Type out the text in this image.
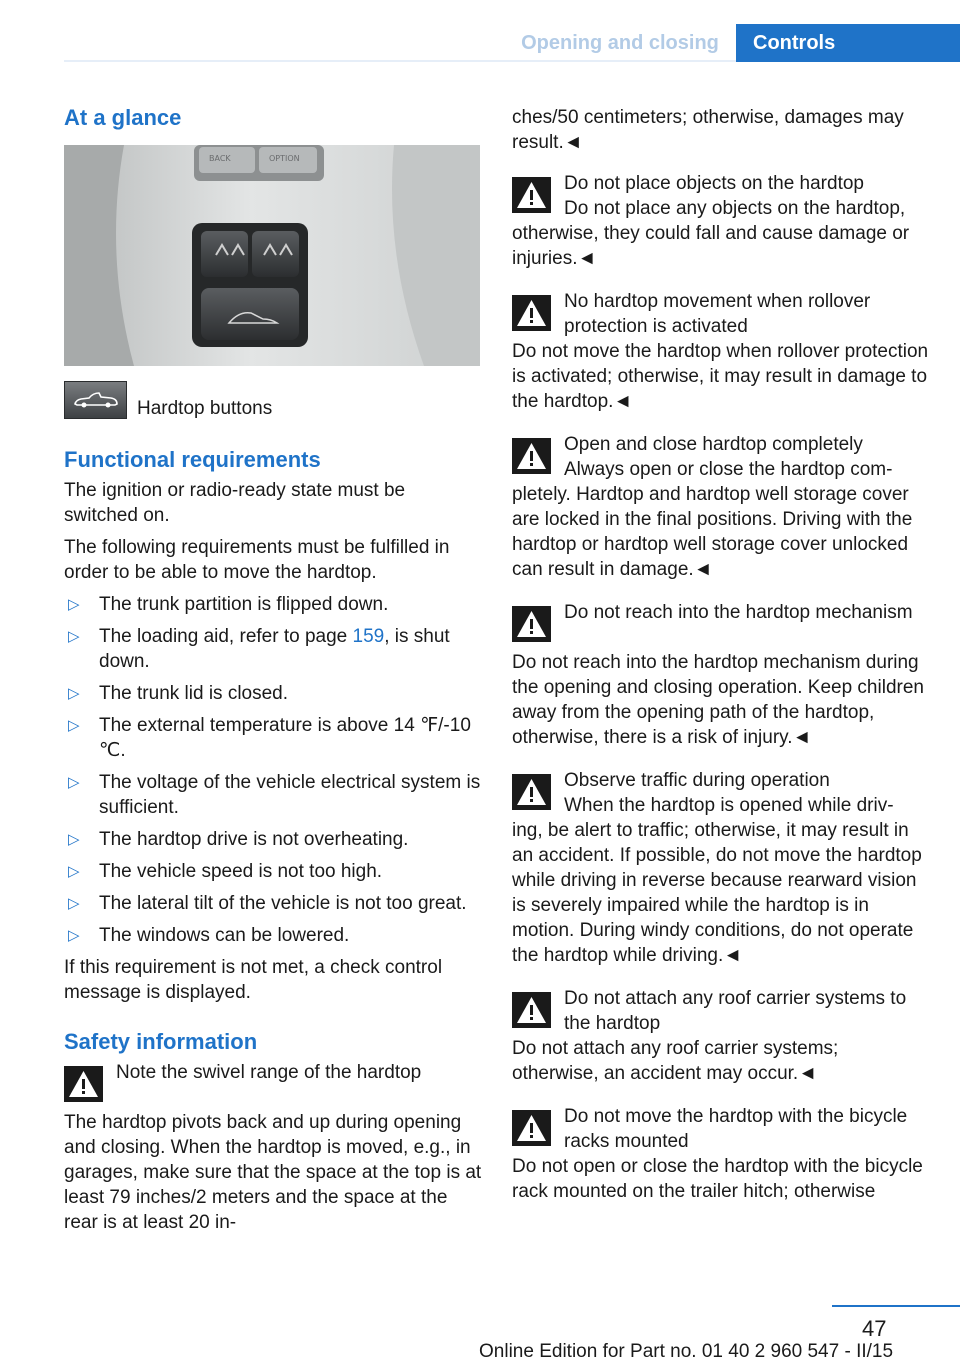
Opening and closing	Controls
At a glance
BACK	OPTION
Hardtop buttons
Functional requirements

The ignition or radio-ready state must be switched on.

The following requirements must be fulfilled in order to be able to move the hardtop.

▷ The trunk partition is flipped down.
▷ The loading aid, refer to page 159, is shut down.
▷ The trunk lid is closed.
▷ The external temperature is above 14 ℉/-10 ℃.
▷ The voltage of the vehicle electrical system is sufficient.
▷ The hardtop drive is not overheating.
▷ The vehicle speed is not too high.
▷ The lateral tilt of the vehicle is not too great.
▷ The windows can be lowered.

If this requirement is not met, a check control message is displayed.

Safety information
Note the swivel range of the hardtop

The hardtop pivots back and up during opening and closing. When the hardtop is moved, e.g., in garages, make sure that the space at the top is at least 79 inches/2 meters and the space at the rear is at least 20 in-

ches/50 centimeters; otherwise, damages may result.◄

Do not place objects on the hardtop
Do not place any objects on the hardtop,

otherwise, they could fall and cause damage or injuries.◄

No hardtop movement when rollover protection is activated

Do not move the hardtop when rollover protection is activated; otherwise, it may result in damage to the hardtop.◄

Open and close hardtop completely
Always open or close the hardtop com-

pletely. Hardtop and hardtop well storage cover are locked in the final positions. Driving with the hardtop or hardtop well storage cover unlocked can result in damage.◄

Do not reach into the hardtop mechanism

Do not reach into the hardtop mechanism during the opening and closing operation. Keep children away from the opening path of the hardtop, otherwise, there is a risk of injury.◄

Observe traffic during operation
When the hardtop is opened while driv-

ing, be alert to traffic; otherwise, it may result in an accident. If possible, do not move the hardtop while driving in reverse because rearward vision is severely impaired while the hardtop is in motion. During windy conditions, do not operate the hardtop while driving.◄

Do not attach any roof carrier systems to the hardtop

Do not attach any roof carrier systems; otherwise, an accident may occur.◄

Do not move the hardtop with the bicycle racks mounted

Do not open or close the hardtop with the bicycle rack mounted on the trailer hitch; otherwise

47
Online Edition for Part no. 01 40 2 960 547 - II/15
